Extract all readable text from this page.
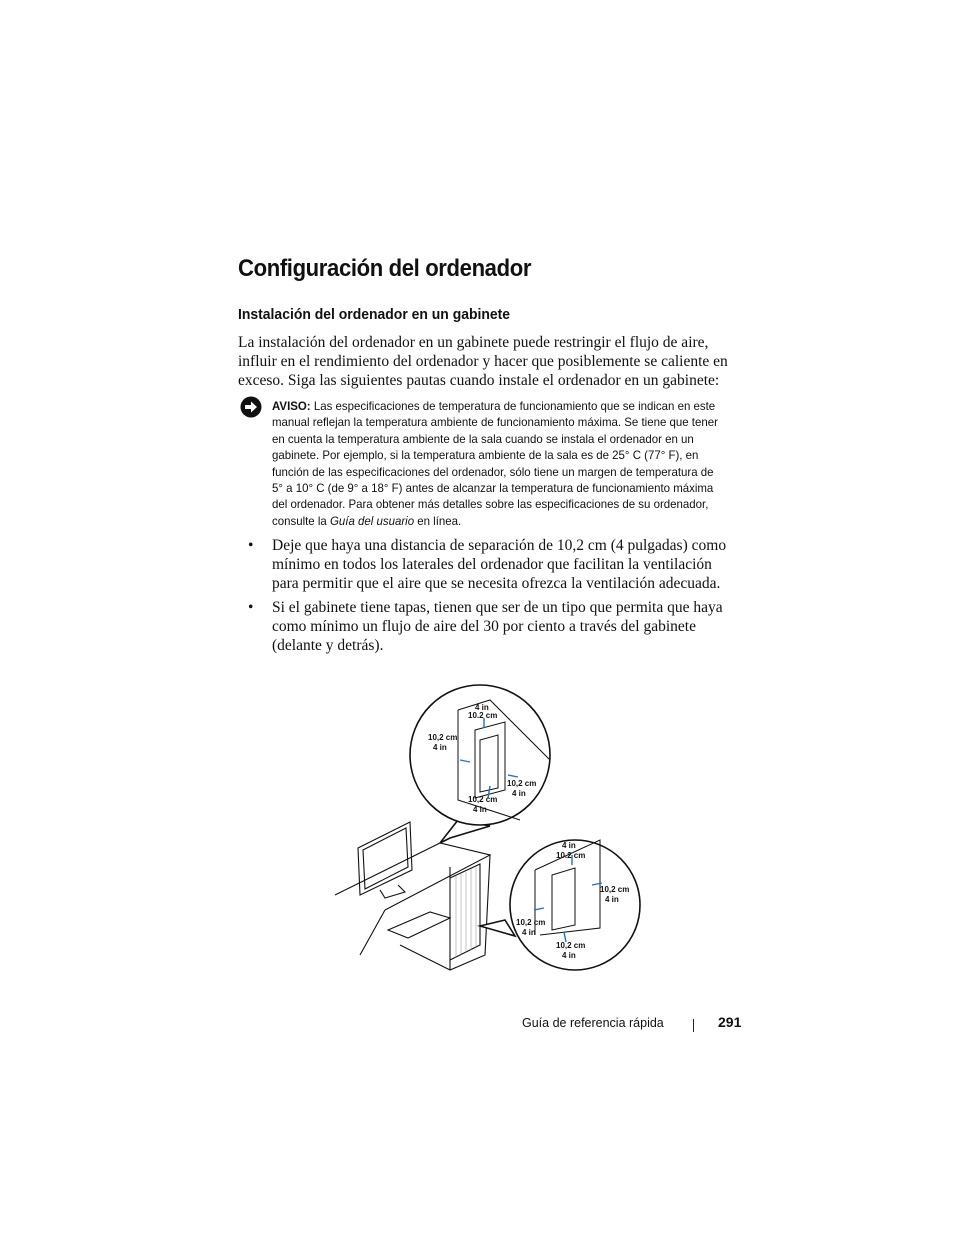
Configuración del ordenador
Instalación del ordenador en un gabinete

La instalación del ordenador en un gabinete puede restringir el flujo de aire, influir en el rendimiento del ordenador y hacer que posiblemente se caliente en exceso. Siga las siguientes pautas cuando instale el ordenador en un gabinete:

AVISO: Las especificaciones de temperatura de funcionamiento que se indican en este manual reflejan la temperatura ambiente de funcionamiento máxima. Se tiene que tener en cuenta la temperatura ambiente de la sala cuando se instala el ordenador en un gabinete. Por ejemplo, si la temperatura ambiente de la sala es de 25° C (77° F), en función de las especificaciones del ordenador, sólo tiene un margen de temperatura de 5° a 10° C (de 9° a 18° F) antes de alcanzar la temperatura de funcionamiento máxima del ordenador. Para obtener más detalles sobre las especificaciones de su ordenador, consulte la Guía del usuario en línea.

• Deje que haya una distancia de separación de 10,2 cm (4 pulgadas) como mínimo en todos los laterales del ordenador que facilitan la ventilación para permitir que el aire que se necesita ofrezca la ventilación adecuada.

• Si el gabinete tiene tapas, tienen que ser de un tipo que permita que haya como mínimo un flujo de aire del 30 por ciento a través del gabinete (delante y detrás).

4 in
10.2 cm
10,2 cm
4 in
10,2 cm
4 in
10,2 cm
4 in
4 in
10.2 cm
10,2 cm
4 in
10,2 cm
4 in
10,2 cm
4 in
Guía de referencia rápida	291
